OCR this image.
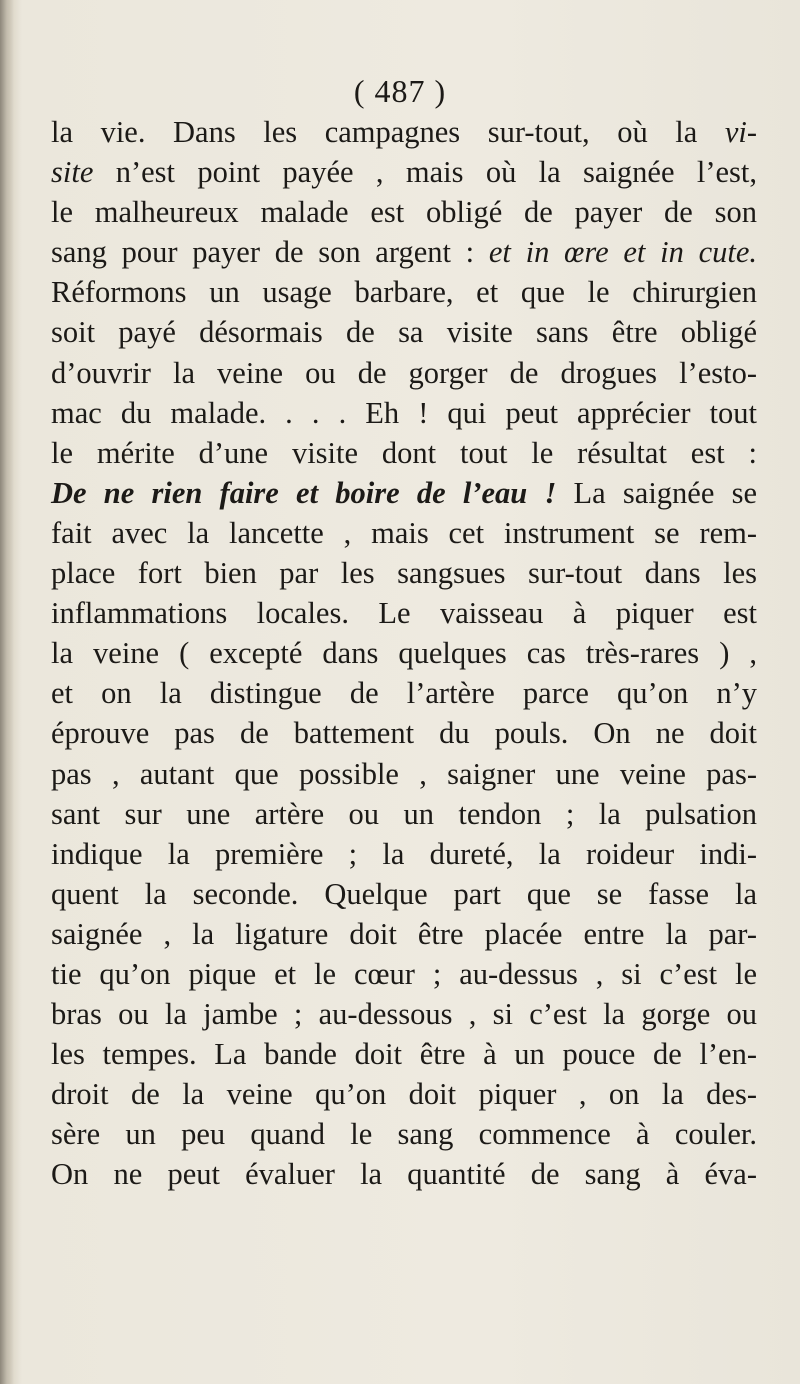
( 487 )
la vie. Dans les campagnes sur-tout, où la vi-
site n’est point payée , mais où la saignée l’est,
le malheureux malade est obligé de payer de son
sang pour payer de son argent : et in œre et in cute.
Réformons un usage barbare, et que le chirurgien
soit payé désormais de sa visite sans être obligé
d’ouvrir la veine ou de gorger de drogues l’esto-
mac du malade. . . . Eh ! qui peut apprécier tout
le mérite d’une visite dont tout le résultat est :
De ne rien faire et boire de l’eau ! La saignée se
fait avec la lancette , mais cet instrument se rem-
place fort bien par les sangsues sur-tout dans les
inflammations locales. Le vaisseau à piquer est
la veine ( excepté dans quelques cas très-rares ) ,
et on la distingue de l’artère parce qu’on n’y
éprouve pas de battement du pouls. On ne doit
pas , autant que possible , saigner une veine pas-
sant sur une artère ou un tendon ; la pulsation
indique la première ; la dureté, la roideur indi-
quent la seconde. Quelque part que se fasse la
saignée , la ligature doit être placée entre la par-
tie qu’on pique et le cœur ; au-dessus , si c’est le
bras ou la jambe ; au-dessous , si c’est la gorge ou
les tempes. La bande doit être à un pouce de l’en-
droit de la veine qu’on doit piquer , on la des-
sère un peu quand le sang commence à couler.
On ne peut évaluer la quantité de sang à éva-
